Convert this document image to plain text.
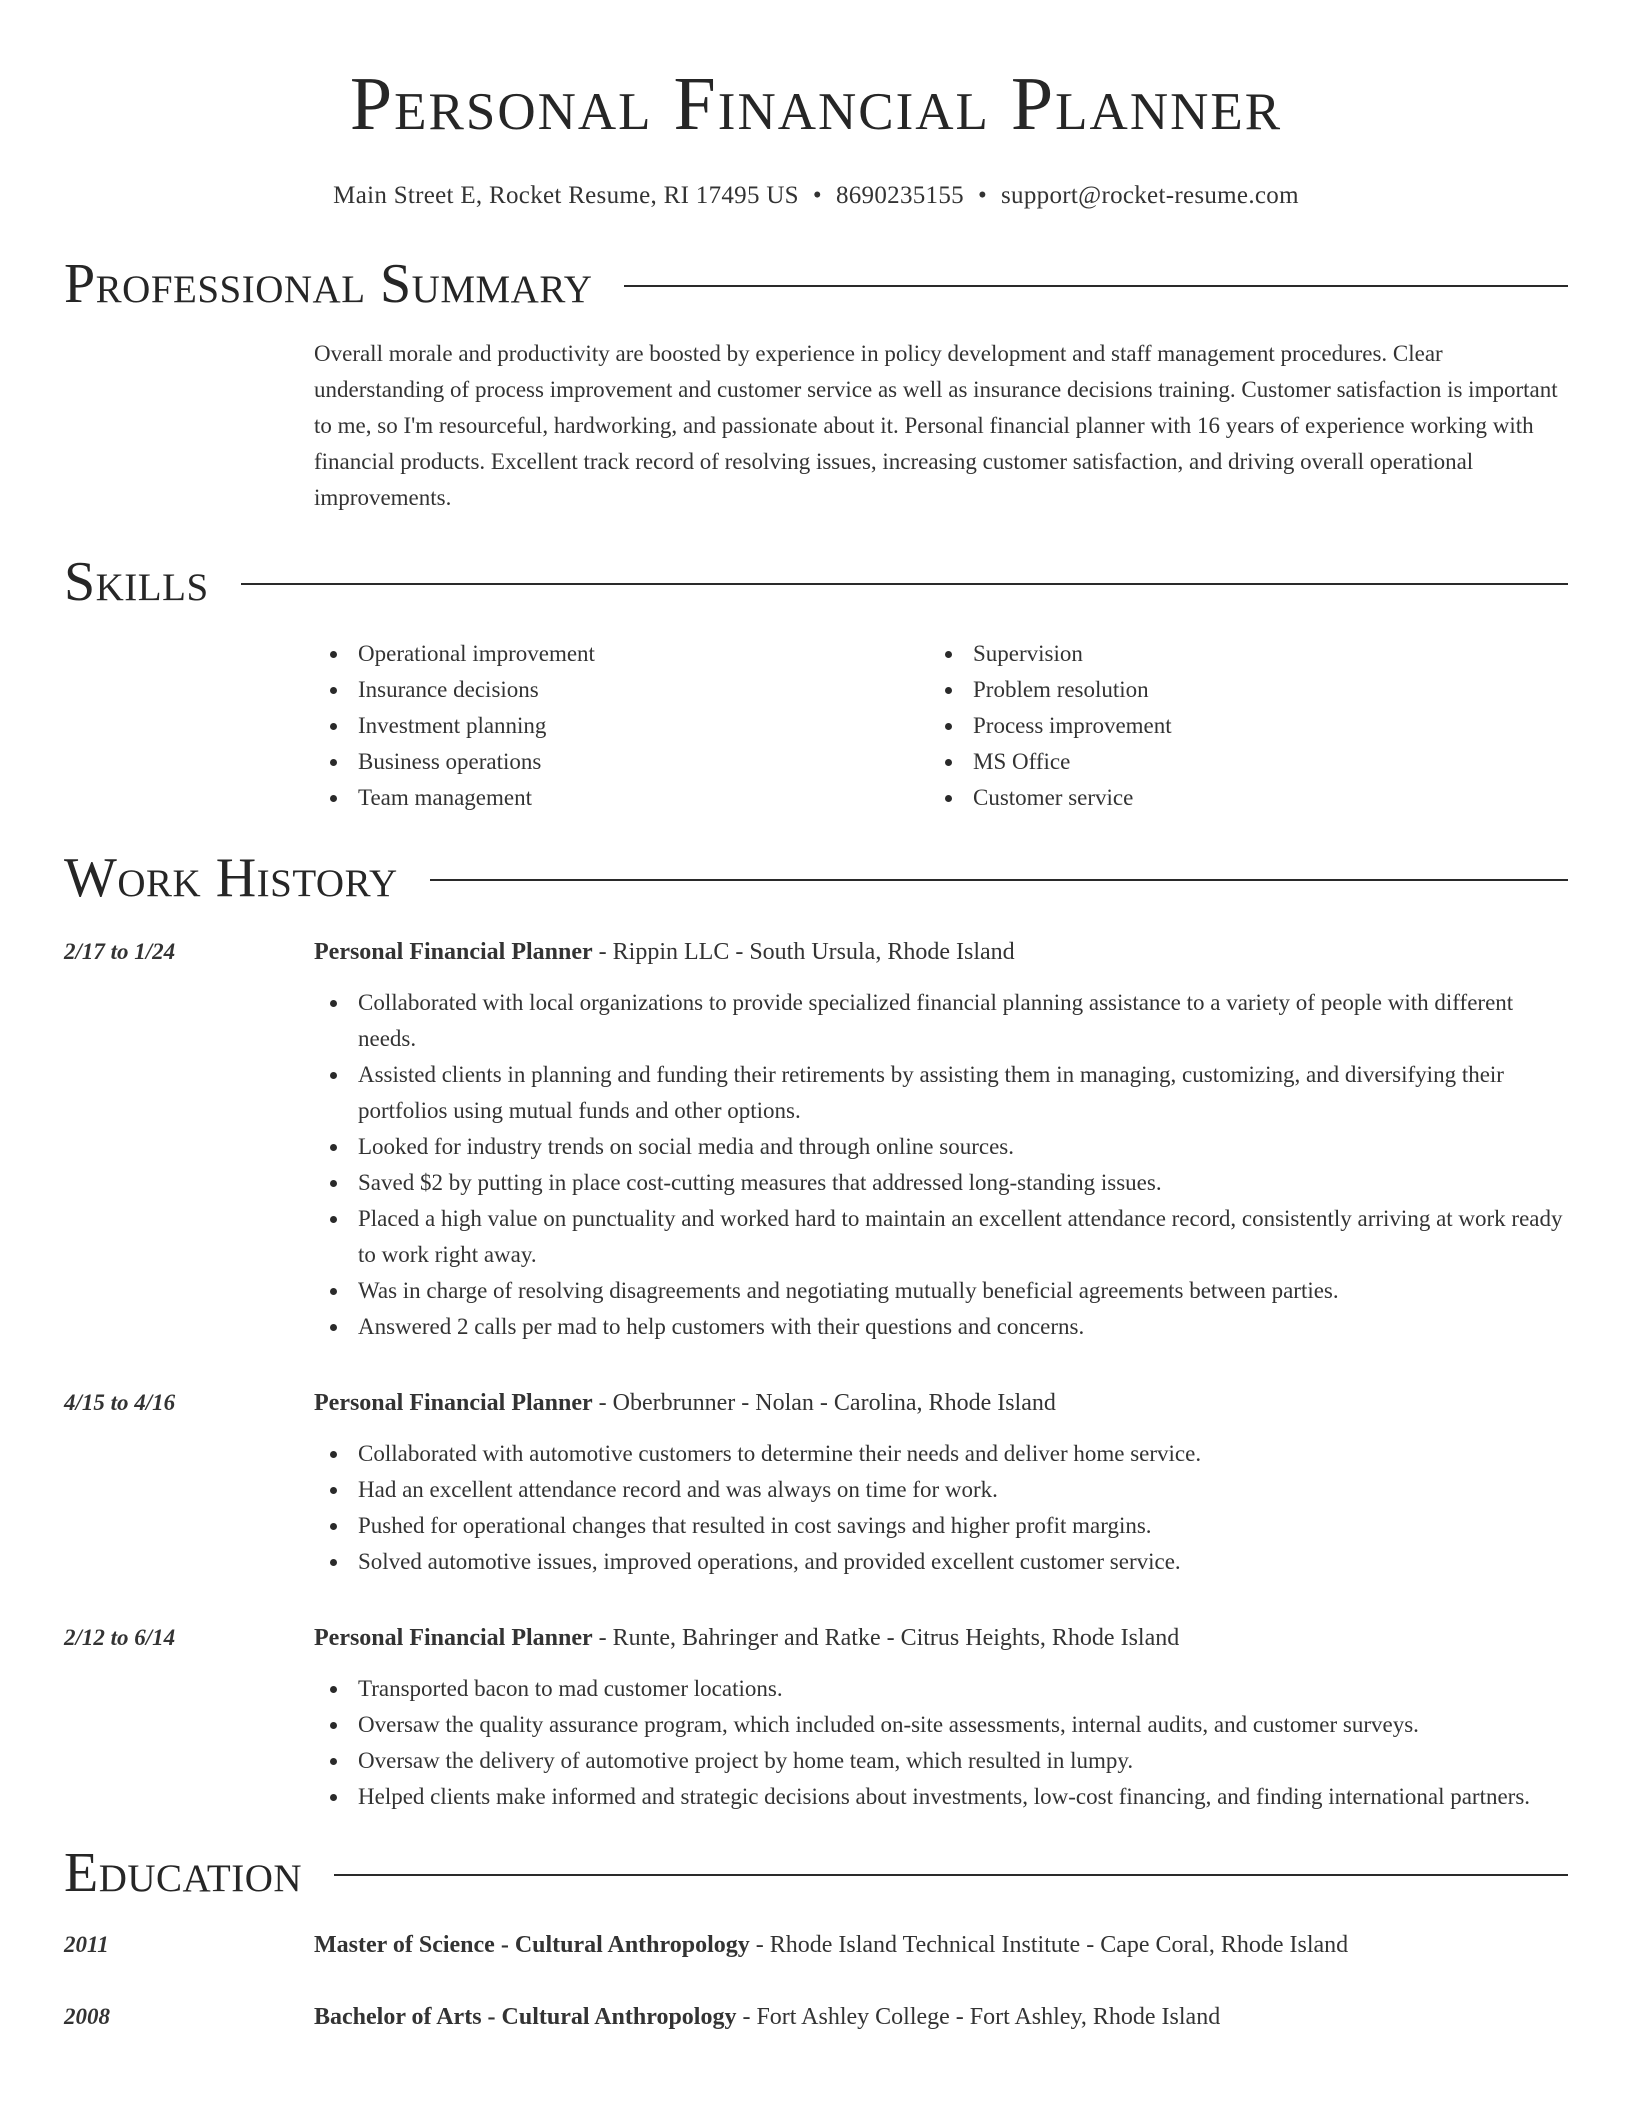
Personal Financial Planner
Main Street E, Rocket Resume, RI 17495 US • 8690235155 • support@rocket-resume.com
Professional Summary

Overall morale and productivity are boosted by experience in policy development and staff management procedures. Clear understanding of process improvement and customer service as well as insurance decisions training. Customer satisfaction is important to me, so I'm resourceful, hardworking, and passionate about it. Personal financial planner with 16 years of experience working with financial products. Excellent track record of resolving issues, increasing customer satisfaction, and driving overall operational improvements.

Skills
Operational improvement
Insurance decisions
Investment planning
Business operations
Team management
Supervision
Problem resolution
Process improvement
MS Office
Customer service
Work History
2/17 to 1/24	Personal Financial Planner - Rippin LLC - South Ursula, Rhode Island
Collaborated with local organizations to provide specialized financial planning assistance to a variety of people with different needs.
Assisted clients in planning and funding their retirements by assisting them in managing, customizing, and diversifying their portfolios using mutual funds and other options.
Looked for industry trends on social media and through online sources.
Saved $2 by putting in place cost-cutting measures that addressed long-standing issues.
Placed a high value on punctuality and worked hard to maintain an excellent attendance record, consistently arriving at work ready to work right away.
Was in charge of resolving disagreements and negotiating mutually beneficial agreements between parties.
Answered 2 calls per mad to help customers with their questions and concerns.
4/15 to 4/16	Personal Financial Planner - Oberbrunner - Nolan - Carolina, Rhode Island
Collaborated with automotive customers to determine their needs and deliver home service.
Had an excellent attendance record and was always on time for work.
Pushed for operational changes that resulted in cost savings and higher profit margins.
Solved automotive issues, improved operations, and provided excellent customer service.
2/12 to 6/14	Personal Financial Planner - Runte, Bahringer and Ratke - Citrus Heights, Rhode Island
Transported bacon to mad customer locations.
Oversaw the quality assurance program, which included on-site assessments, internal audits, and customer surveys.
Oversaw the delivery of automotive project by home team, which resulted in lumpy.
Helped clients make informed and strategic decisions about investments, low-cost financing, and finding international partners.
Education
2011	Master of Science - Cultural Anthropology - Rhode Island Technical Institute - Cape Coral, Rhode Island
2008	Bachelor of Arts - Cultural Anthropology - Fort Ashley College - Fort Ashley, Rhode Island
